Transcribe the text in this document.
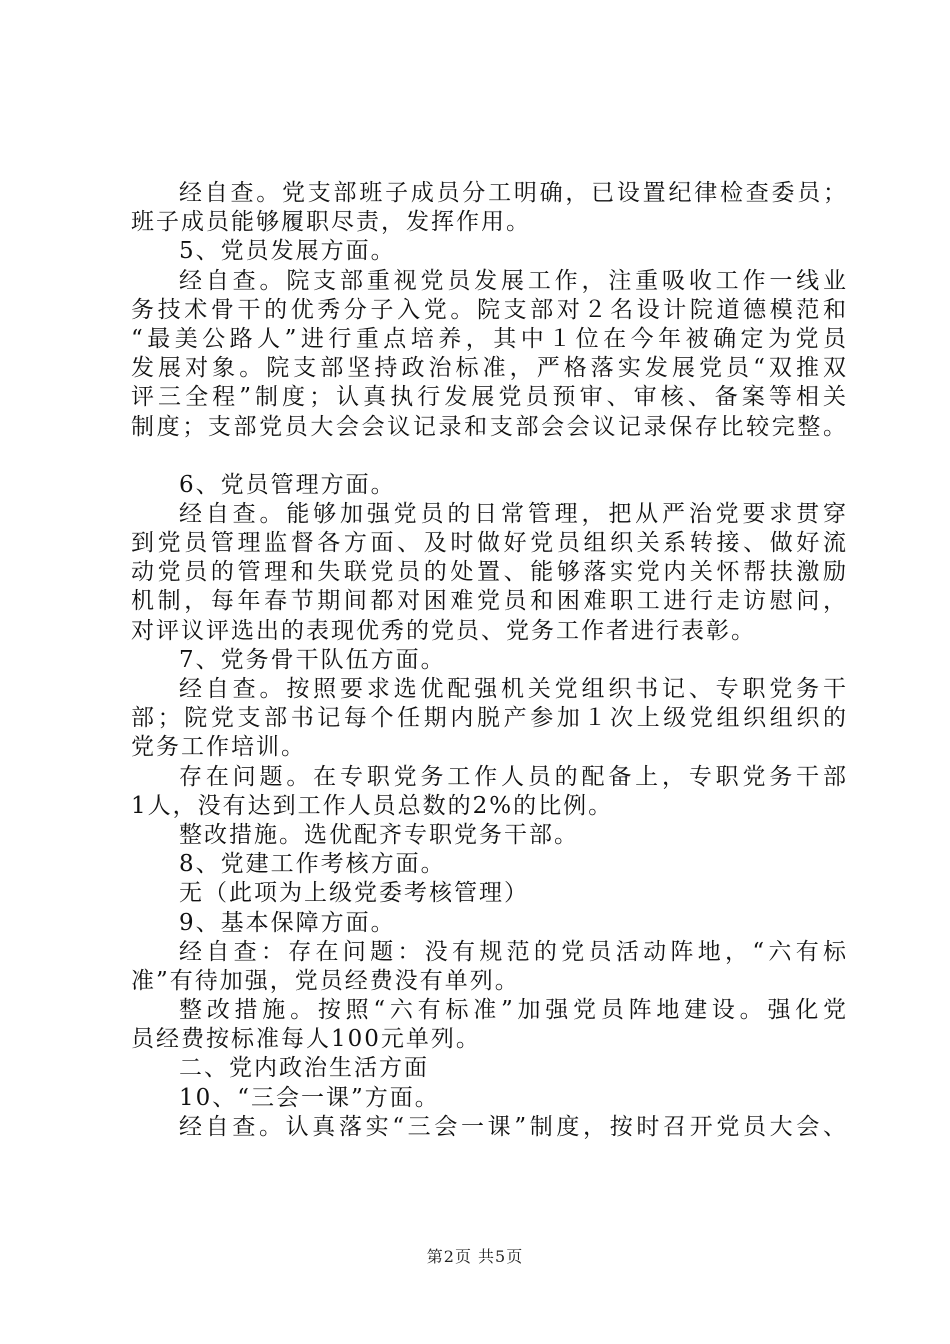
经自查。党支部班子成员分工明确，已设置纪律检查委员；
班子成员能够履职尽责，发挥作用。
5、党员发展方面。
经自查。院支部重视党员发展工作，注重吸收工作一线业
务技术骨干的优秀分子入党。院支部对２名设计院道德模范和
“最美公路人”进行重点培养，其中１位在今年被确定为党员
发展对象。院支部坚持政治标准，严格落实发展党员“双推双
评三全程”制度；认真执行发展党员预审、审核、备案等相关
制度；支部党员大会会议记录和支部会会议记录保存比较完整。
6、党员管理方面。
经自查。能够加强党员的日常管理，把从严治党要求贯穿
到党员管理监督各方面、及时做好党员组织关系转接、做好流
动党员的管理和失联党员的处置、能够落实党内关怀帮扶激励
机制，每年春节期间都对困难党员和困难职工进行走访慰问，
对评议评选出的表现优秀的党员、党务工作者进行表彰。
7、党务骨干队伍方面。
经自查。按照要求选优配强机关党组织书记、专职党务干
部；院党支部书记每个任期内脱产参加１次上级党组织组织的
党务工作培训。
存在问题。在专职党务工作人员的配备上，专职党务干部
1人，没有达到工作人员总数的2%的比例。
整改措施。选优配齐专职党务干部。
8、党建工作考核方面。
无（此项为上级党委考核管理）
9、基本保障方面。
经自查：存在问题：没有规范的党员活动阵地，“六有标
准”有待加强，党员经费没有单列。
整改措施。按照“六有标准”加强党员阵地建设。强化党
员经费按标准每人100元单列。
二、党内政治生活方面
10、“三会一课”方面。
经自查。认真落实“三会一课”制度，按时召开党员大会、
第2页 共5页
